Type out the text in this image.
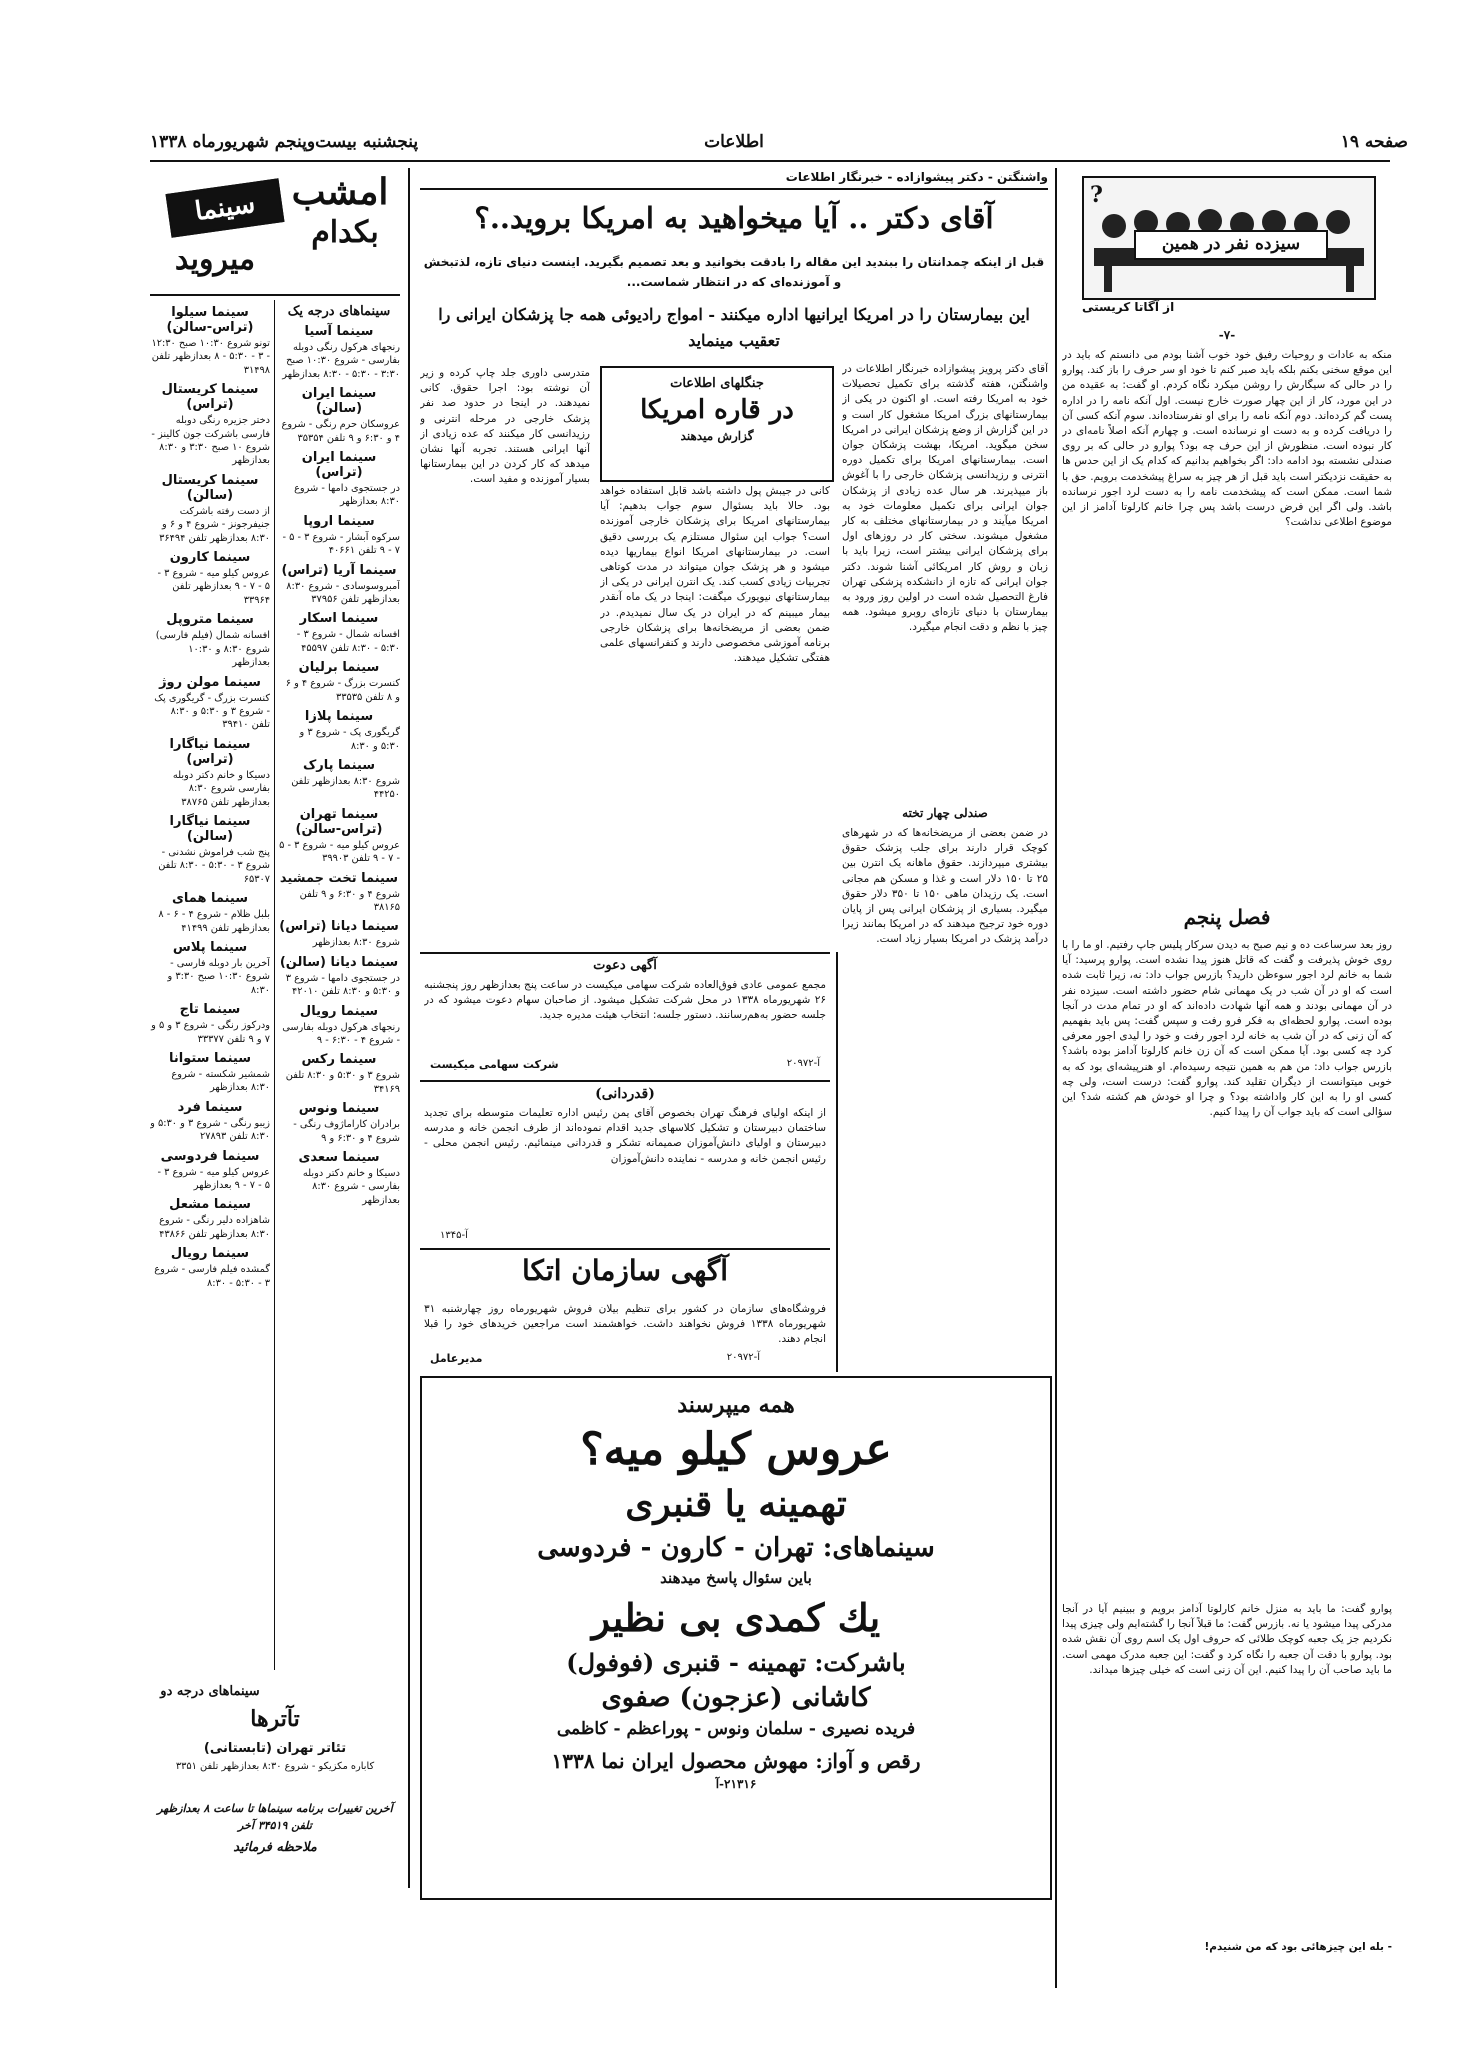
صفحه ۱۹
اطلاعات
پنجشنبه بیست‌وپنجم شهریورماه ۱۳۳۸
سیزده نفر در همین
?
از آگاتا کریستی
-۷-
منکه به عادات و روحیات رفیق خود خوب آشنا بودم می دانستم که باید در این موقع سخنی بکنم بلکه باید صبر کنم تا خود او سر حرف را باز کند. پوارو را در حالی که سیگارش را روشن میکرد نگاه کردم. او گفت: به عقیده من در این مورد، کار از این چهار صورت خارج نیست. اول آنکه نامه را در اداره پست گم کرده‌اند. دوم آنکه نامه را برای او نفرستاده‌اند. سوم آنکه کسی آن را دریافت کرده و به دست او نرسانده است. و چهارم آنکه اصلاً نامه‌ای در کار نبوده است. منظورش از این حرف چه بود؟ پوارو در حالی که بر روی صندلی نشسته بود ادامه داد: اگر بخواهیم بدانیم که کدام یک از این حدس ها به حقیقت نزدیکتر است باید قبل از هر چیز به سراغ پیشخدمت برویم. حق با شما است. ممکن است که پیشخدمت نامه را به دست لرد اجور نرسانده باشد. ولی اگر این فرض درست باشد پس چرا خانم کارلوتا آدامز از این موضوع اطلاعی نداشت؟
فصل پنجم
روز بعد سرساعت ده و نیم صبح به دیدن سرکار پلیس جاپ رفتیم. او ما را با روی خوش پذیرفت و گفت که قاتل هنوز پیدا نشده است. پوارو پرسید: آیا شما به خانم لرد اجور سوءظن دارید؟ بازرس جواب داد: نه، زیرا ثابت شده است که او در آن شب در یک مهمانی شام حضور داشته است. سیزده نفر در آن مهمانی بودند و همه آنها شهادت داده‌اند که او در تمام مدت در آنجا بوده است. پوارو لحظه‌ای به فکر فرو رفت و سپس گفت: پس باید بفهمیم که آن زنی که در آن شب به خانه لرد اجور رفت و خود را لیدی اجور معرفی کرد چه کسی بود. آیا ممکن است که آن زن خانم کارلوتا آدامز بوده باشد؟ بازرس جواب داد: من هم به همین نتیجه رسیده‌ام. او هنرپیشه‌ای بود که به خوبی میتوانست از دیگران تقلید کند. پوارو گفت: درست است، ولی چه کسی او را به این کار واداشته بود؟ و چرا او خودش هم کشته شد؟ این سؤالی است که باید جواب آن را پیدا کنیم.
پوارو گفت: ما باید به منزل خانم کارلوتا آدامز برویم و ببینیم آیا در آنجا مدرکی پیدا میشود یا نه. بازرس گفت: ما قبلاً آنجا را گشته‌ایم ولی چیزی پیدا نکردیم جز یک جعبه کوچک طلائی که حروف اول یک اسم روی آن نقش شده بود. پوارو با دقت آن جعبه را نگاه کرد و گفت: این جعبه مدرک مهمی است. ما باید صاحب آن را پیدا کنیم. این آن زنی است که خیلی چیزها میداند.
- بله این چیزهائی بود که من شنیدم!
واشنگتن - دکتر پیشوازاده - خبرنگار اطلاعات
آقای دکتر .. آیا میخواهید به امریکا بروید..؟
قبل از اینکه چمدانتان را ببندید این مقاله را بادقت بخوانید و بعد تصمیم بگیرید. اینست دنیای تازه، لذتبخش و آموزنده‌ای که در انتظار شماست...
این بیمارستان را در امریکا ایرانیها اداره میکنند - امواج رادیوئی همه جا پزشکان ایرانی را تعقیب مینماید
آقای دکتر پرویز پیشوازاده خبرنگار اطلاعات در واشنگتن، هفته گذشته برای تکمیل تحصیلات خود به امریکا رفته است. او اکنون در یکی از بیمارستانهای بزرگ امریکا مشغول کار است و در این گزارش از وضع پزشکان ایرانی در امریکا سخن میگوید. امریکا، بهشت پزشکان جوان است. بیمارستانهای امریکا برای تکمیل دوره انترنی و رزیدانسی پزشکان خارجی را با آغوش باز میپذیرند. هر سال عده زیادی از پزشکان جوان ایرانی برای تکمیل معلومات خود به امریکا میآیند و در بیمارستانهای مختلف به کار مشغول میشوند. سختی کار در روزهای اول برای پزشکان ایرانی بیشتر است، زیرا باید با زبان و روش کار امریکائی آشنا شوند. دکتر جوان ایرانی که تازه از دانشکده پزشکی تهران فارغ التحصیل شده است در اولین روز ورود به بیمارستان با دنیای تازه‌ای روبرو میشود. همه چیز با نظم و دقت انجام میگیرد.
صندلی چهار تخته
در ضمن بعضی از مریضخانه‌ها که در شهرهای کوچک قرار دارند برای جلب پزشک حقوق بیشتری میپردازند. حقوق ماهانه یک انترن بین ۲۵ تا ۱۵۰ دلار است و غذا و مسکن هم مجانی است. یک رزیدان ماهی ۱۵۰ تا ۳۵۰ دلار حقوق میگیرد. بسیاری از پزشکان ایرانی پس از پایان دوره خود ترجیح میدهند که در امریکا بمانند زیرا درآمد پزشک در امریکا بسیار زیاد است.
جنگلهای اطلاعات
در قاره امریکا
گزارش میدهند
کانی در جیبش پول داشته باشد قابل استفاده خواهد بود. حالا باید بسئوال سوم جواب بدهیم: آیا بیمارستانهای امریکا برای پزشکان خارجی آموزنده است؟ جواب این سئوال مستلزم یک بررسی دقیق است. در بیمارستانهای امریکا انواع بیماریها دیده میشود و هر پزشک جوان میتواند در مدت کوتاهی تجربیات زیادی کسب کند. یک انترن ایرانی در یکی از بیمارستانهای نیویورک میگفت: اینجا در یک ماه آنقدر بیمار میبینم که در ایران در یک سال نمیدیدم. در ضمن بعضی از مریضخانه‌ها برای پزشکان خارجی برنامه آموزشی مخصوصی دارند و کنفرانسهای علمی هفتگی تشکیل میدهند.
متدرسی داوری جلد چاپ کرده و زیر آن نوشته بود: اجرا حقوق. کانی نمیدهند. در اینجا در حدود صد نفر پزشک خارجی در مرحله انترنی و رزیدانسی کار میکنند که عده زیادی از آنها ایرانی هستند. تجربه آنها نشان میدهد که کار کردن در این بیمارستانها بسیار آموزنده و مفید است.
آگهی دعوت
مجمع عمومی عادی فوق‌العاده شرکت سهامی میکیست در ساعت پنج بعدازظهر روز پنجشنبه ۲۶ شهریورماه ۱۳۳۸ در محل شرکت تشکیل میشود. از صاحبان سهام دعوت میشود که در جلسه حضور به‌هم‌رسانند. دستور جلسه: انتخاب هیئت مدیره جدید.
شرکت سهامی میکیست	آ-۲۰۹۷۲
(قدردانی)
از اینکه اولیای فرهنگ تهران بخصوص آقای یمن رئیس اداره تعلیمات متوسطه برای تجدید ساختمان دبیرستان و تشکیل کلاسهای جدید اقدام نموده‌اند از طرف انجمن خانه و مدرسه دبیرستان و اولیای دانش‌آموزان صمیمانه تشکر و قدردانی مینمائیم. رئیس انجمن محلی - رئیس انجمن خانه و مدرسه - نماینده دانش‌آموزان
آ-۱۳۴۵
آگهی سازمان اتکا
فروشگاه‌های سازمان در کشور برای تنظیم بیلان فروش شهریورماه روز چهارشنبه ۳۱ شهریورماه ۱۳۳۸ فروش نخواهند داشت. خواهشمند است مراجعین خریدهای خود را قبلا انجام دهند.
مدیرعامل	آ-۲۰۹۷۲
همه میپرسند
عروس کیلو میه؟
تهمینه یا قنبری
سینماهای: تهران - کارون - فردوسی
باین سئوال پاسخ میدهند
یك کمدی بی نظیر
باشرکت: تهمینه - قنبری (فوفول)
کاشانی (عزجون) صفوی
فریده نصیری - سلمان ونوس - پوراعظم - کاظمی
رقص و آواز: مهوش محصول ایران نما ۱۳۳۸
۲۱۳۱۶-آ
امشب
سینما
بکدام
میروید
سینماهای درجه یک
سینما آسیا
رنجهای هرکول رنگی دوبله بفارسی - شروع ۱۰:۳۰ صبح ۳:۳۰ - ۵:۳۰ - ۸:۳۰ بعدازظهر
سینما ایران (سالن)
عروسکان حرم رنگی - شروع ۴ و ۶:۳۰ و ۹ تلفن ۳۵۳۵۴
سینما ایران (تراس)
در جستجوی دامها - شروع ۸:۳۰ بعدازظهر
سینما اروپا
سرکوه آبشار - شروع ۳ - ۵ - ۷ - ۹ تلفن ۴۰۶۶۱
سینما آریا (تراس)
آمبروسوسادی - شروع ۸:۳۰ بعدازظهر تلفن ۳۷۹۵۶
سینما اسکار
افسانه شمال - شروع ۳ - ۵:۳۰ - ۸:۳۰ تلفن ۴۵۵۹۷
سینما برلیان
کنسرت بزرگ - شروع ۴ و ۶ و ۸ تلفن ۳۳۵۳۵
سینما پلازا
گریگوری پک - شروع ۳ و ۵:۳۰ و ۸:۳۰
سینما پارک
شروع ۸:۳۰ بعدازظهر تلفن ۴۴۲۵۰
سینما تهران (تراس-سالن)
عروس کیلو میه - شروع ۳ - ۵ - ۷ - ۹ تلفن ۳۹۹۰۳
سینما تخت جمشید
شروع ۴ و ۶:۳۰ و ۹ تلفن ۳۸۱۶۵
سینما دیانا (تراس)
شروع ۸:۳۰ بعدازظهر
سینما دیانا (سالن)
در جستجوی دامها - شروع ۳ و ۵:۳۰ و ۸:۳۰ تلفن ۴۲۰۱۰
سینما رویال
رنجهای هرکول دوبله بفارسی - شروع ۴ - ۶:۳۰ - ۹
سینما رکس
شروع ۳ و ۵:۳۰ و ۸:۳۰ تلفن ۳۴۱۶۹
سینما ونوس
برادران کاراماژوف رنگی - شروع ۴ و ۶:۳۰ و ۹
سینما سعدی
دسیکا و خانم دکتر دوبله بفارسی - شروع ۸:۳۰ بعدازظهر
سینما سیلوا (تراس-سالن)
تونو شروع ۱۰:۳۰ صبح ۱۲:۳۰ - ۳ - ۵:۳۰ - ۸ بعدازظهر تلفن ۳۱۴۹۸
سینما کریستال (تراس)
دختر جزیره رنگی دوبله فارسی باشرکت جون کالینز - شروع ۱۰ صبح ۳:۳۰ و ۸:۳۰ بعدازظهر
سینما کریستال (سالن)
از دست رفته باشرکت جنیفرجونز - شروع ۴ و ۶ و ۸:۳۰ بعدازظهر تلفن ۳۶۴۹۴
سینما کارون
عروس کیلو میه - شروع ۳ - ۵ - ۷ - ۹ بعدازظهر تلفن ۳۳۹۶۴
سینما متروپل
افسانه شمال (فیلم فارسی) شروع ۸:۳۰ و ۱۰:۳۰ بعدازظهر
سینما مولن روژ
کنسرت بزرگ - گریگوری پک - شروع ۳ و ۵:۳۰ و ۸:۳۰ تلفن ۳۹۴۱۰
سینما نیاگارا (تراس)
دسیکا و خانم دکتر دوبله بفارسی شروع ۸:۳۰ بعدازظهر تلفن ۳۸۷۶۵
سینما نیاگارا (سالن)
پنج شب فراموش نشدنی - شروع ۳ - ۵:۳۰ - ۸:۳۰ تلفن ۶۵۳۰۷
سینما همای
بلبل ظلام - شروع ۴ - ۶ - ۸ بعدازظهر تلفن ۴۱۴۹۹
سینما پلاس
آخرین بار دوبله فارسی - شروع ۱۰:۳۰ صبح ۳:۳۰ و ۸:۳۰
سینما تاج
ودرکوز رنگی - شروع ۳ و ۵ و ۷ و ۹ تلفن ۳۳۳۷۷
سینما ستوانا
شمشیر شکسته - شروع ۸:۳۰ بعدازظهر
سینما فرد
زیبو رنگی - شروع ۳ و ۵:۳۰ و ۸:۳۰ تلفن ۲۷۸۹۳
سینما فردوسی
عروس کیلو میه - شروع ۳ - ۵ - ۷ - ۹ بعدازظهر
سینما مشعل
شاهزاده دلیر رنگی - شروع ۸:۳۰ بعدازظهر تلفن ۴۳۸۶۶
سینما رویال
گمشده فیلم فارسی - شروع ۳ - ۵:۳۰ - ۸:۳۰
سینماهای درجه دو
تآترها
تئاتر تهران (تابستانی)
کاباره مکزیکو - شروع ۸:۳۰ بعدازظهر تلفن ۳۳۵۱
آخرین تغییرات برنامه سینماها تا ساعت ۸ بعدازظهر تلفن ۳۴۵۱۹ آخر
ملاحظه فرمائید
